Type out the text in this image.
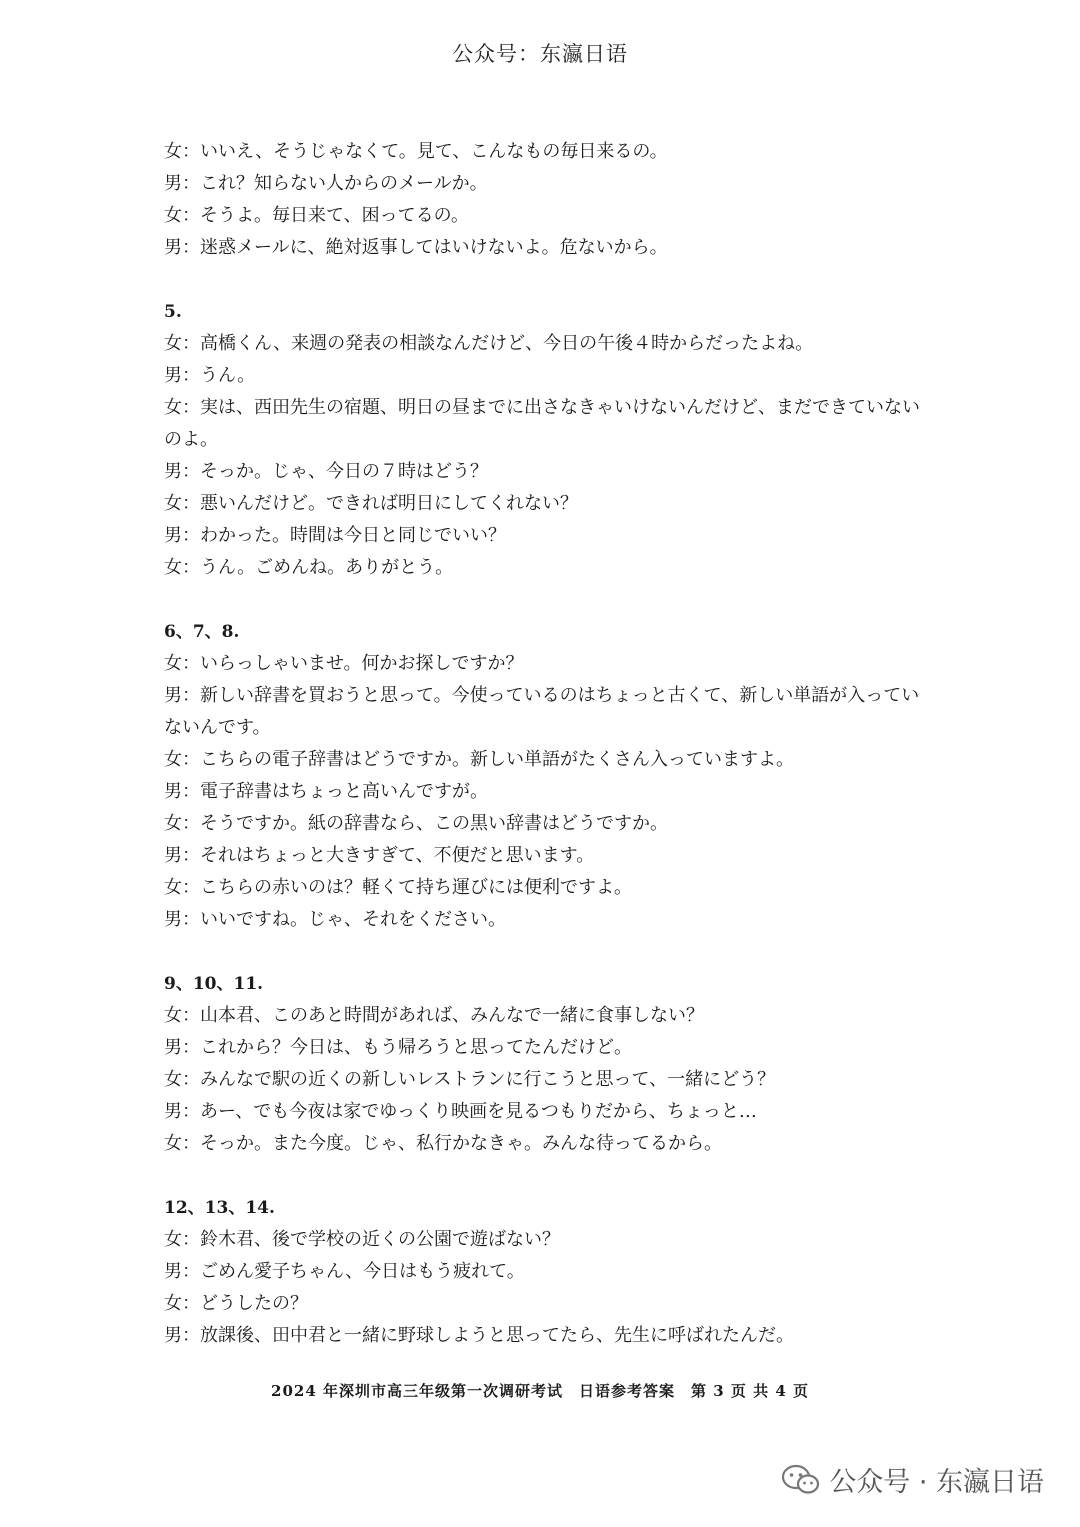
公众号：东瀛日语
女：いいえ、そうじゃなくて。見て、こんなもの毎日来るの。
男：これ？知らない人からのメールか。
女：そうよ。毎日来て、困ってるの。
男：迷惑メールに、絶対返事してはいけないよ。危ないから。
5.
女：高橋くん、来週の発表の相談なんだけど、今日の午後４時からだったよね。
男：うん。
女：実は、西田先生の宿題、明日の昼までに出さなきゃいけないんだけど、まだできていないのよ。
男：そっか。じゃ、今日の７時はどう？
女：悪いんだけど。できれば明日にしてくれない？
男：わかった。時間は今日と同じでいい？
女：うん。ごめんね。ありがとう。
6、7、8.
女：いらっしゃいませ。何かお探しですか？
男：新しい辞書を買おうと思って。今使っているのはちょっと古くて、新しい単語が入っていないんです。
女：こちらの電子辞書はどうですか。新しい単語がたくさん入っていますよ。
男：電子辞書はちょっと高いんですが。
女：そうですか。紙の辞書なら、この黒い辞書はどうですか。
男：それはちょっと大きすぎて、不便だと思います。
女：こちらの赤いのは？軽くて持ち運びには便利ですよ。
男：いいですね。じゃ、それをください。
9、10、11.
女：山本君、このあと時間があれば、みんなで一緒に食事しない？
男：これから？今日は、もう帰ろうと思ってたんだけど。
女：みんなで駅の近くの新しいレストランに行こうと思って、一緒にどう？
男：あー、でも今夜は家でゆっくり映画を見るつもりだから、ちょっと…
女：そっか。また今度。じゃ、私行かなきゃ。みんな待ってるから。
12、13、14.
女：鈴木君、後で学校の近くの公園で遊ばない？
男：ごめん愛子ちゃん、今日はもう疲れて。
女：どうしたの？
男：放課後、田中君と一緒に野球しようと思ってたら、先生に呼ばれたんだ。
2024 年深圳市高三年级第一次调研考试　日语参考答案　第 3 页 共 4 页
公众号 · 东瀛日语
